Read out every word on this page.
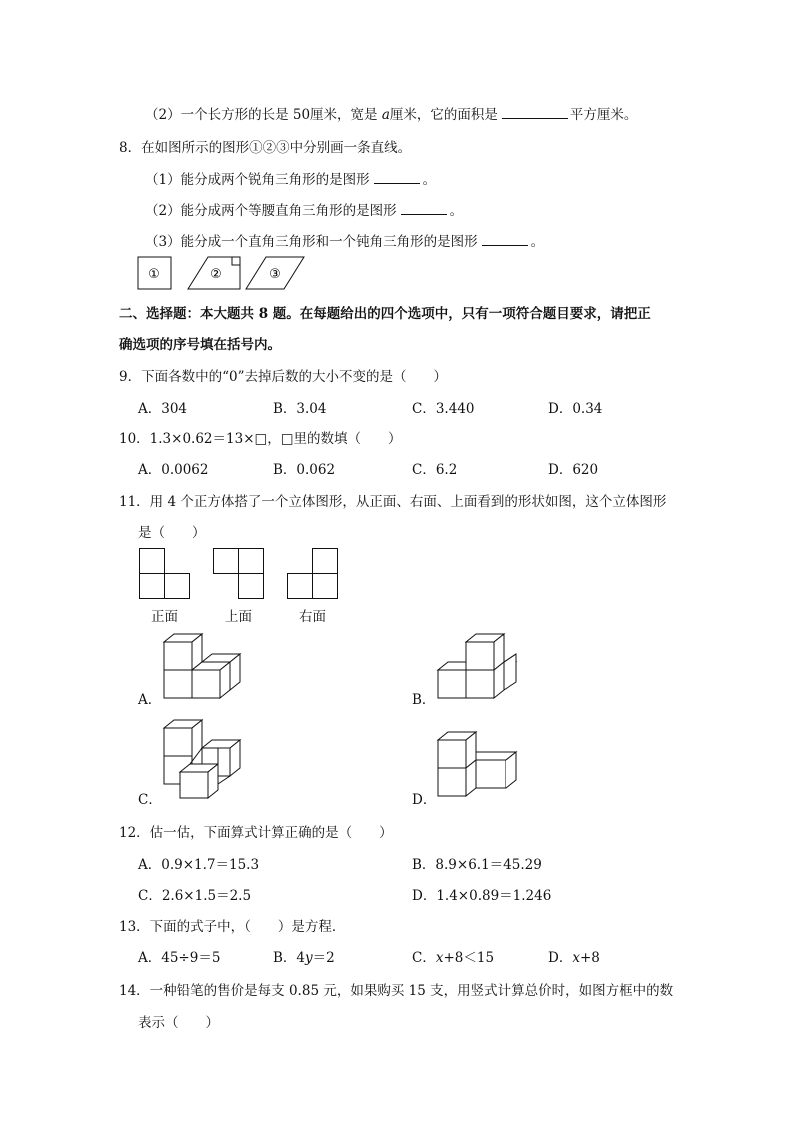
（2）一个长方形的长是 50厘米，宽是 a厘米，它的面积是	平方厘米。
8．在如图所示的图形①②③中分别画一条直线。
（1）能分成两个锐角三角形的是图形	。
（2）能分成两个等腰直角三角形的是图形	。
（3）能分成一个直角三角形和一个钝角三角形的是图形	。
①	②	③
二、选择题：本大题共 8 题。在每题给出的四个选项中，只有一项符合题目要求，请把正
确选项的序号填在括号内。
9．下面各数中的“0”去掉后数的大小不变的是（　　）
A．304	B．3.04	C．3.440	D．0.34
10．1.3×0.62＝13×□，□里的数填（　　）
A．0.0062	B．0.062	C．6.2	D．620
11．用 4 个正方体搭了一个立体图形，从正面、右面、上面看到的形状如图，这个立体图形
是（　　）
正面	上面	右面
A．	B．
C．	D．
12．估一估，下面算式计算正确的是（　　）
A．0.9×1.7＝15.3	B．8.9×6.1＝45.29
C．2.6×1.5＝2.5	D．1.4×0.89＝1.246
13．下面的式子中，（　　）是方程．
A．45÷9＝5	B．4y＝2	C．x+8＜15	D．x+8
14．一种铅笔的售价是每支 0.85 元，如果购买 15 支，用竖式计算总价时，如图方框中的数
表示（　　）
